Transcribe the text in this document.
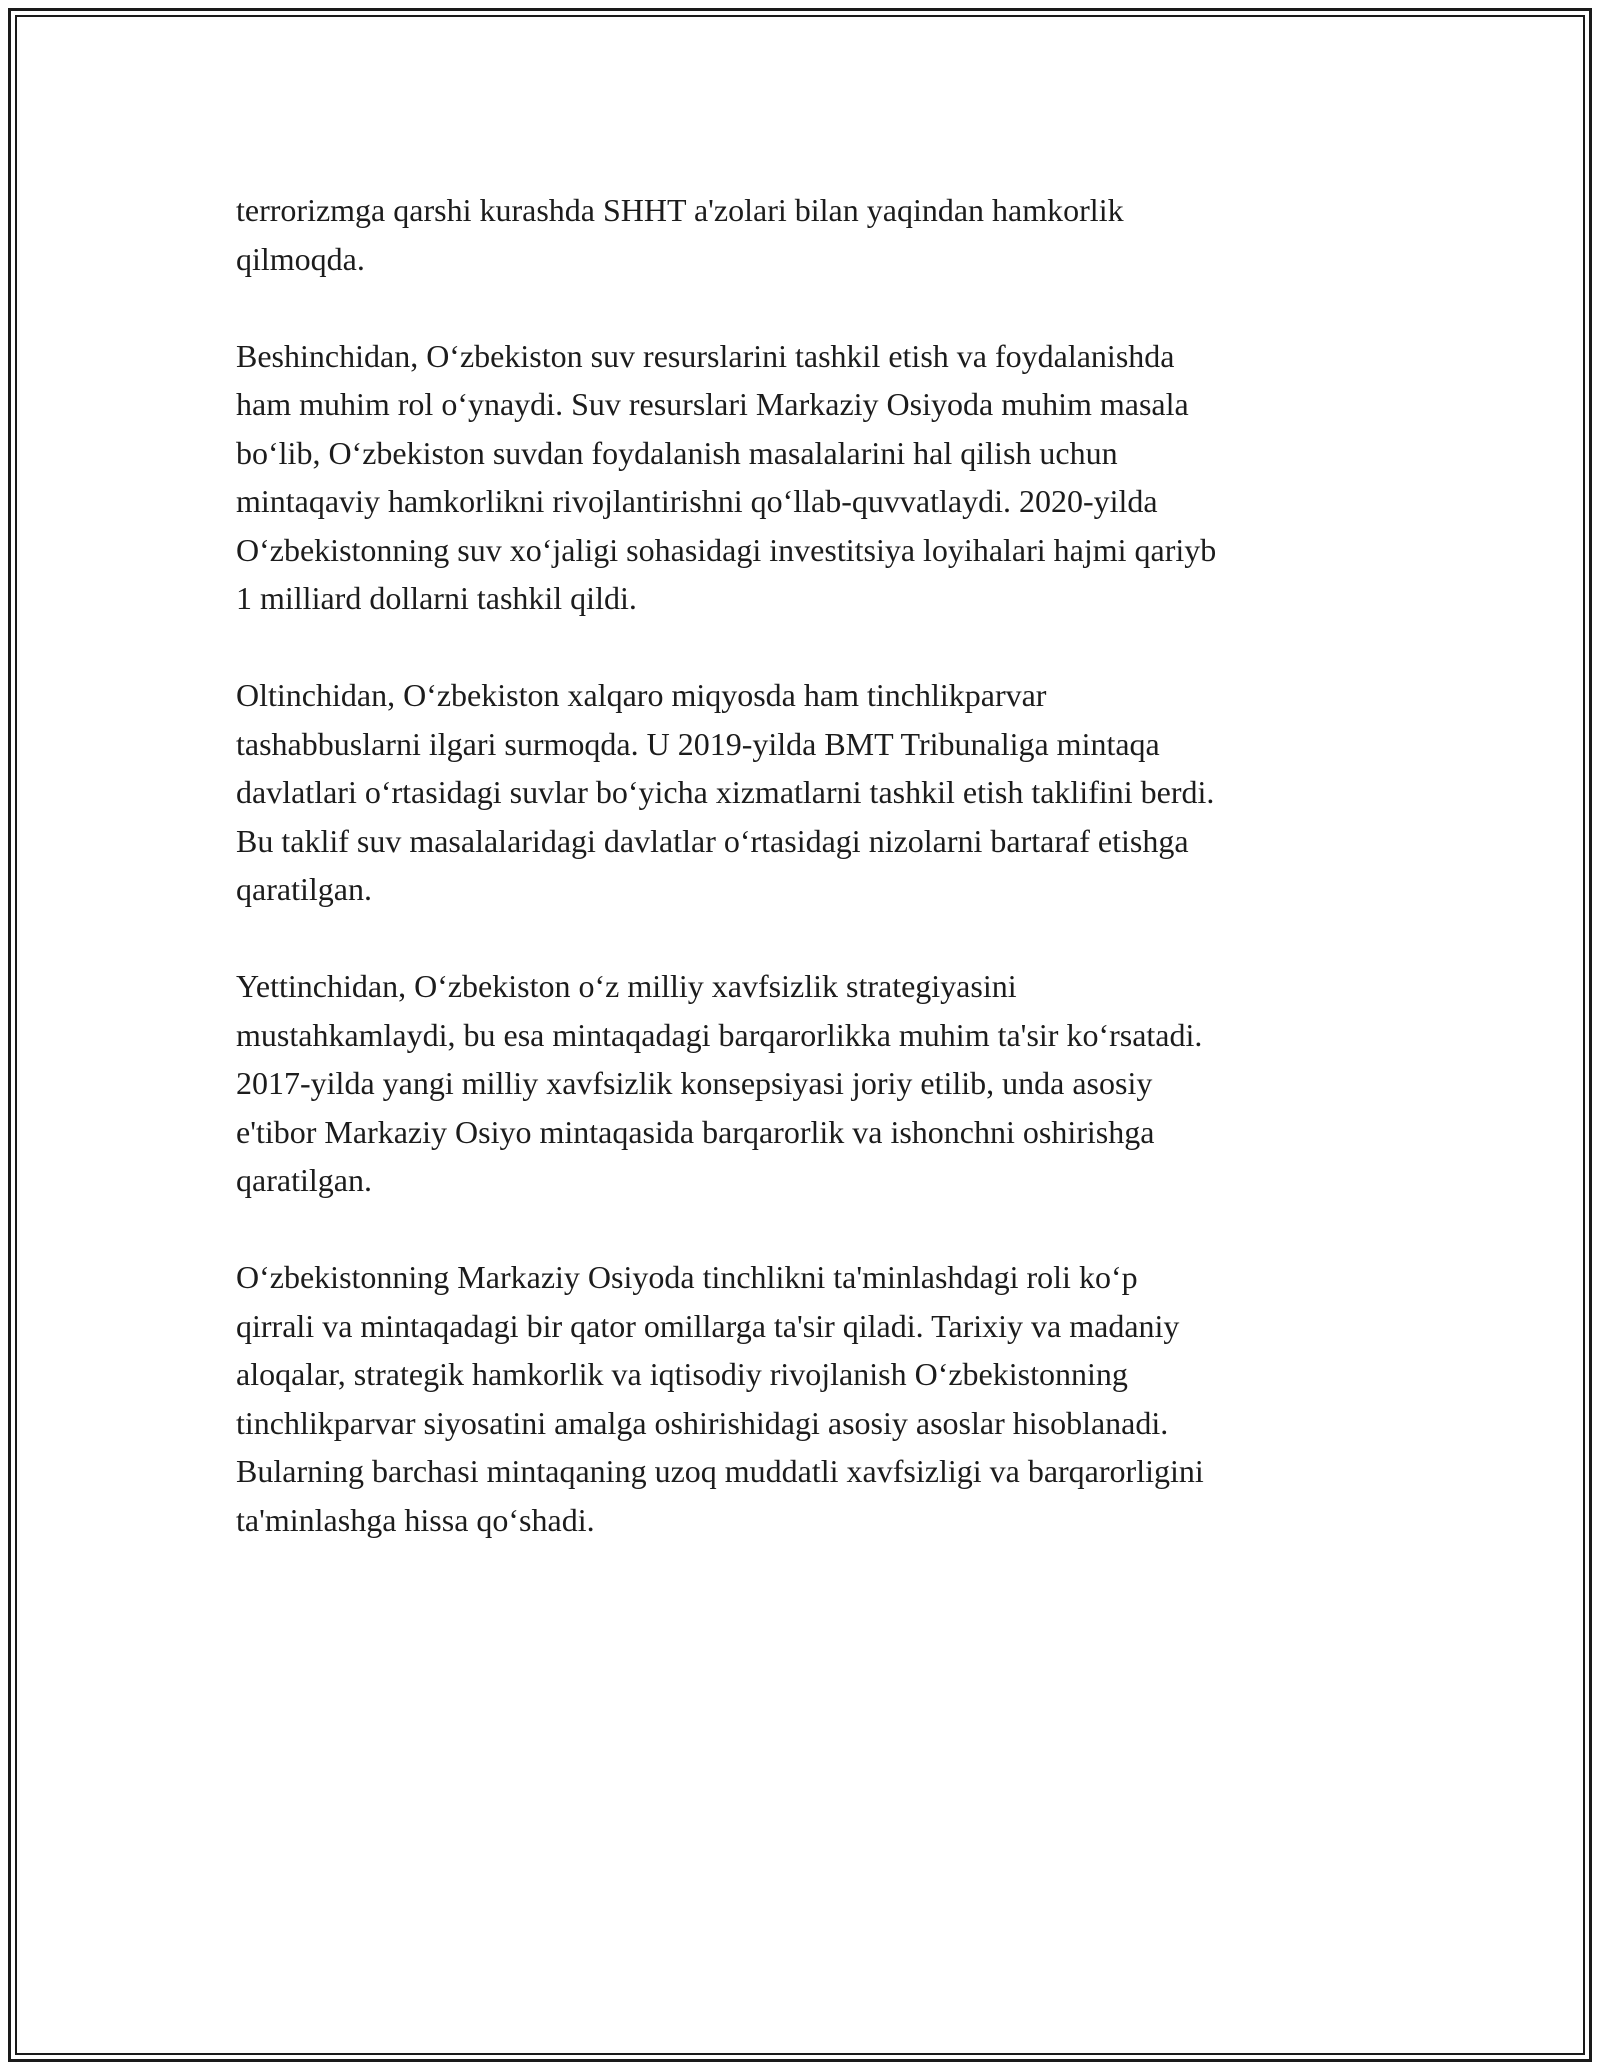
terrorizmga qarshi kurashda SHHT a'zolari bilan yaqindan hamkorlik
qilmoqda.

Beshinchidan, O‘zbekiston suv resurslarini tashkil etish va foydalanishda
ham muhim rol o‘ynaydi. Suv resurslari Markaziy Osiyoda muhim masala
bo‘lib, O‘zbekiston suvdan foydalanish masalalarini hal qilish uchun
mintaqaviy hamkorlikni rivojlantirishni qo‘llab-quvvatlaydi. 2020-yilda
O‘zbekistonning suv xo‘jaligi sohasidagi investitsiya loyihalari hajmi qariyb
1 milliard dollarni tashkil qildi.

Oltinchidan, O‘zbekiston xalqaro miqyosda ham tinchlikparvar
tashabbuslarni ilgari surmoqda. U 2019-yilda BMT Tribunaliga mintaqa
davlatlari o‘rtasidagi suvlar bo‘yicha xizmatlarni tashkil etish taklifini berdi.
Bu taklif suv masalalaridagi davlatlar o‘rtasidagi nizolarni bartaraf etishga
qaratilgan.

Yettinchidan, O‘zbekiston o‘z milliy xavfsizlik strategiyasini
mustahkamlaydi, bu esa mintaqadagi barqarorlikka muhim ta'sir ko‘rsatadi.
2017-yilda yangi milliy xavfsizlik konsepsiyasi joriy etilib, unda asosiy
e'tibor Markaziy Osiyo mintaqasida barqarorlik va ishonchni oshirishga
qaratilgan.

O‘zbekistonning Markaziy Osiyoda tinchlikni ta'minlashdagi roli ko‘p
qirrali va mintaqadagi bir qator omillarga ta'sir qiladi. Tarixiy va madaniy
aloqalar, strategik hamkorlik va iqtisodiy rivojlanish O‘zbekistonning
tinchlikparvar siyosatini amalga oshirishidagi asosiy asoslar hisoblanadi.
Bularning barchasi mintaqaning uzoq muddatli xavfsizligi va barqarorligini
ta'minlashga hissa qo‘shadi.
